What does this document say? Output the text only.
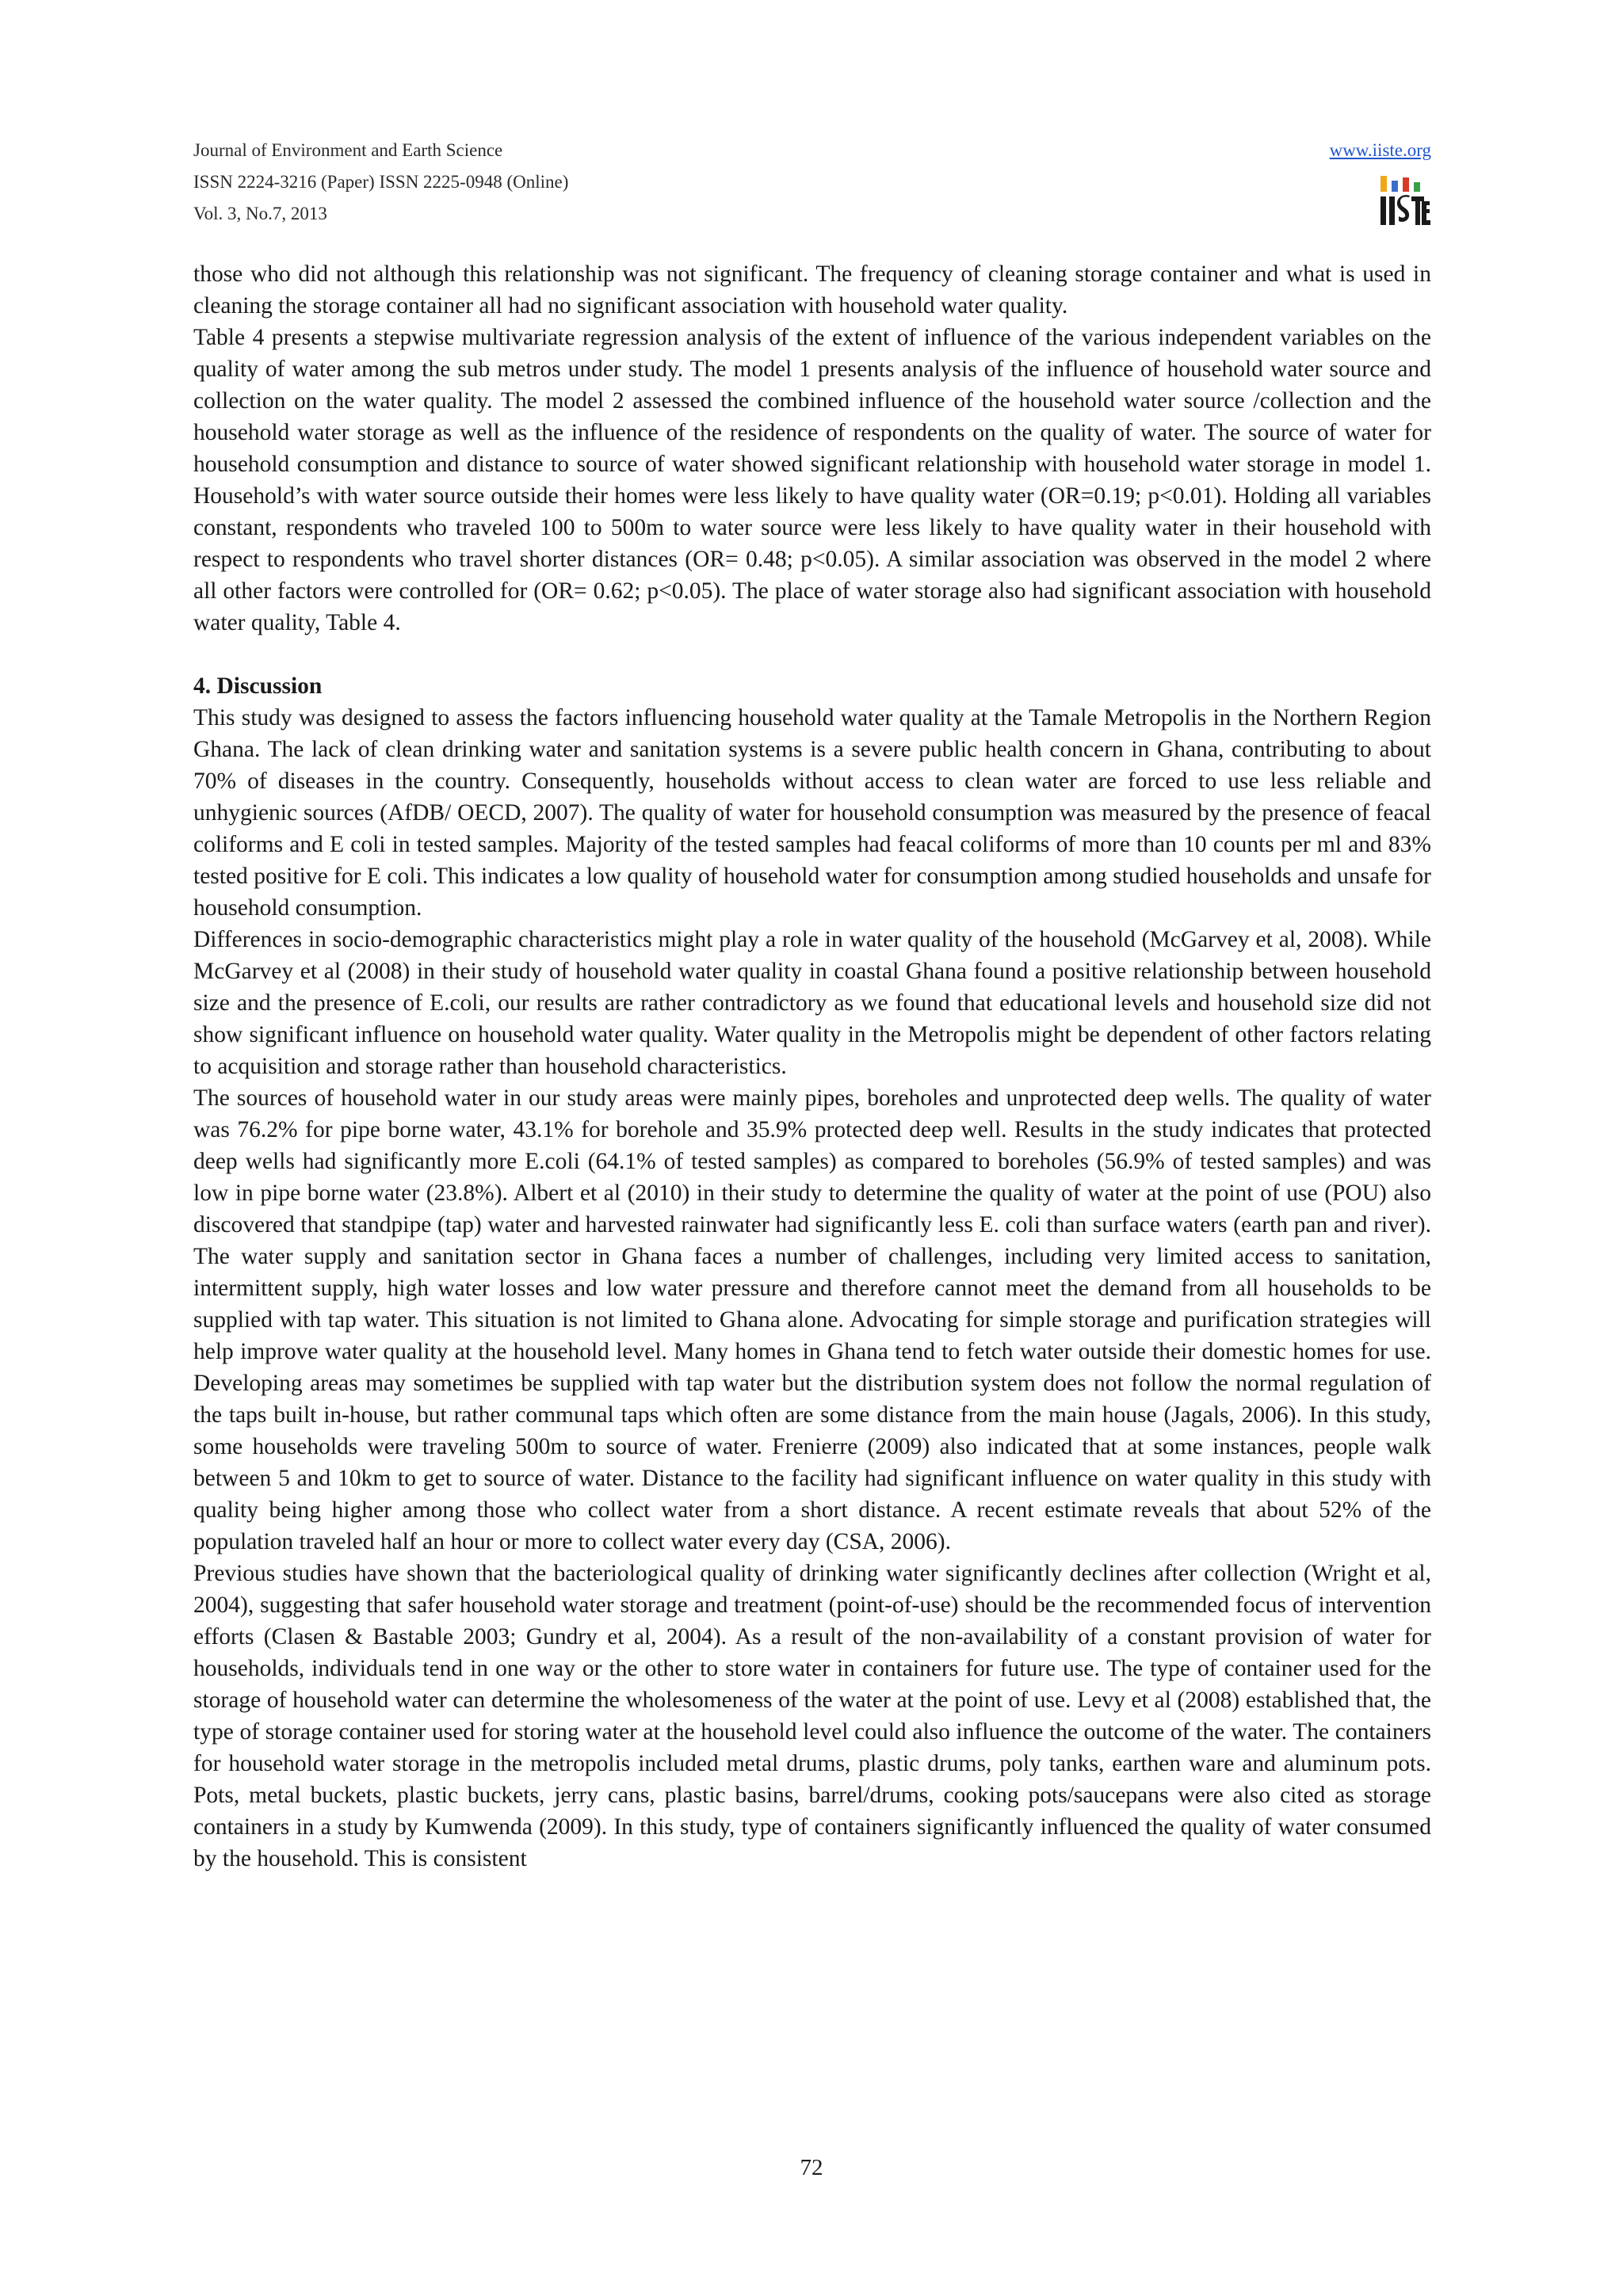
Journal of Environment and Earth Science
ISSN 2224-3216 (Paper) ISSN 2225-0948 (Online)
Vol. 3, No.7, 2013
www.iiste.org

those who did not although this relationship was not significant. The frequency of cleaning storage container and what is used in cleaning the storage container all had no significant association with household water quality.

Table 4 presents a stepwise multivariate regression analysis of the extent of influence of the various independent variables on the quality of water among the sub metros under study. The model 1 presents analysis of the influence of household water source and collection on the water quality. The model 2 assessed the combined influence of the household water source /collection and the household water storage as well as the influence of the residence of respondents on the quality of water. The source of water for household consumption and distance to source of water showed significant relationship with household water storage in model 1. Household’s with water source outside their homes were less likely to have quality water (OR=0.19; p<0.01). Holding all variables constant, respondents who traveled 100 to 500m to water source were less likely to have quality water in their household with respect to respondents who travel shorter distances (OR= 0.48; p<0.05). A similar association was observed in the model 2 where all other factors were controlled for (OR= 0.62; p<0.05). The place of water storage also had significant association with household water quality, Table 4.

4. Discussion

This study was designed to assess the factors influencing household water quality at the Tamale Metropolis in the Northern Region Ghana. The lack of clean drinking water and sanitation systems is a severe public health concern in Ghana, contributing to about 70% of diseases in the country. Consequently, households without access to clean water are forced to use less reliable and unhygienic sources (AfDB/ OECD, 2007). The quality of water for household consumption was measured by the presence of feacal coliforms and E coli in tested samples. Majority of the tested samples had feacal coliforms of more than 10 counts per ml and 83% tested positive for E coli. This indicates a low quality of household water for consumption among studied households and unsafe for household consumption.

Differences in socio-demographic characteristics might play a role in water quality of the household (McGarvey et al, 2008). While McGarvey et al (2008) in their study of household water quality in coastal Ghana found a positive relationship between household size and the presence of E.coli, our results are rather contradictory as we found that educational levels and household size did not show significant influence on household water quality. Water quality in the Metropolis might be dependent of other factors relating to acquisition and storage rather than household characteristics.

The sources of household water in our study areas were mainly pipes, boreholes and unprotected deep wells. The quality of water was 76.2% for pipe borne water, 43.1% for borehole and 35.9% protected deep well. Results in the study indicates that protected deep wells had significantly more E.coli (64.1% of tested samples) as compared to boreholes (56.9% of tested samples) and was low in pipe borne water (23.8%). Albert et al (2010) in their study to determine the quality of water at the point of use (POU) also discovered that standpipe (tap) water and harvested rainwater had significantly less E. coli than surface waters (earth pan and river). The water supply and sanitation sector in Ghana faces a number of challenges, including very limited access to sanitation, intermittent supply, high water losses and low water pressure and therefore cannot meet the demand from all households to be supplied with tap water. This situation is not limited to Ghana alone. Advocating for simple storage and purification strategies will help improve water quality at the household level. Many homes in Ghana tend to fetch water outside their domestic homes for use. Developing areas may sometimes be supplied with tap water but the distribution system does not follow the normal regulation of the taps built in-house, but rather communal taps which often are some distance from the main house (Jagals, 2006). In this study, some households were traveling 500m to source of water. Frenierre (2009) also indicated that at some instances, people walk between 5 and 10km to get to source of water. Distance to the facility had significant influence on water quality in this study with quality being higher among those who collect water from a short distance. A recent estimate reveals that about 52% of the population traveled half an hour or more to collect water every day (CSA, 2006).

Previous studies have shown that the bacteriological quality of drinking water significantly declines after collection (Wright et al, 2004), suggesting that safer household water storage and treatment (point-of-use) should be the recommended focus of intervention efforts (Clasen & Bastable 2003; Gundry et al, 2004). As a result of the non-availability of a constant provision of water for households, individuals tend in one way or the other to store water in containers for future use. The type of container used for the storage of household water can determine the wholesomeness of the water at the point of use. Levy et al (2008) established that, the type of storage container used for storing water at the household level could also influence the outcome of the water. The containers for household water storage in the metropolis included metal drums, plastic drums, poly tanks, earthen ware and aluminum pots. Pots, metal buckets, plastic buckets, jerry cans, plastic basins, barrel/drums, cooking pots/saucepans were also cited as storage containers in a study by Kumwenda (2009). In this study, type of containers significantly influenced the quality of water consumed by the household. This is consistent

72
